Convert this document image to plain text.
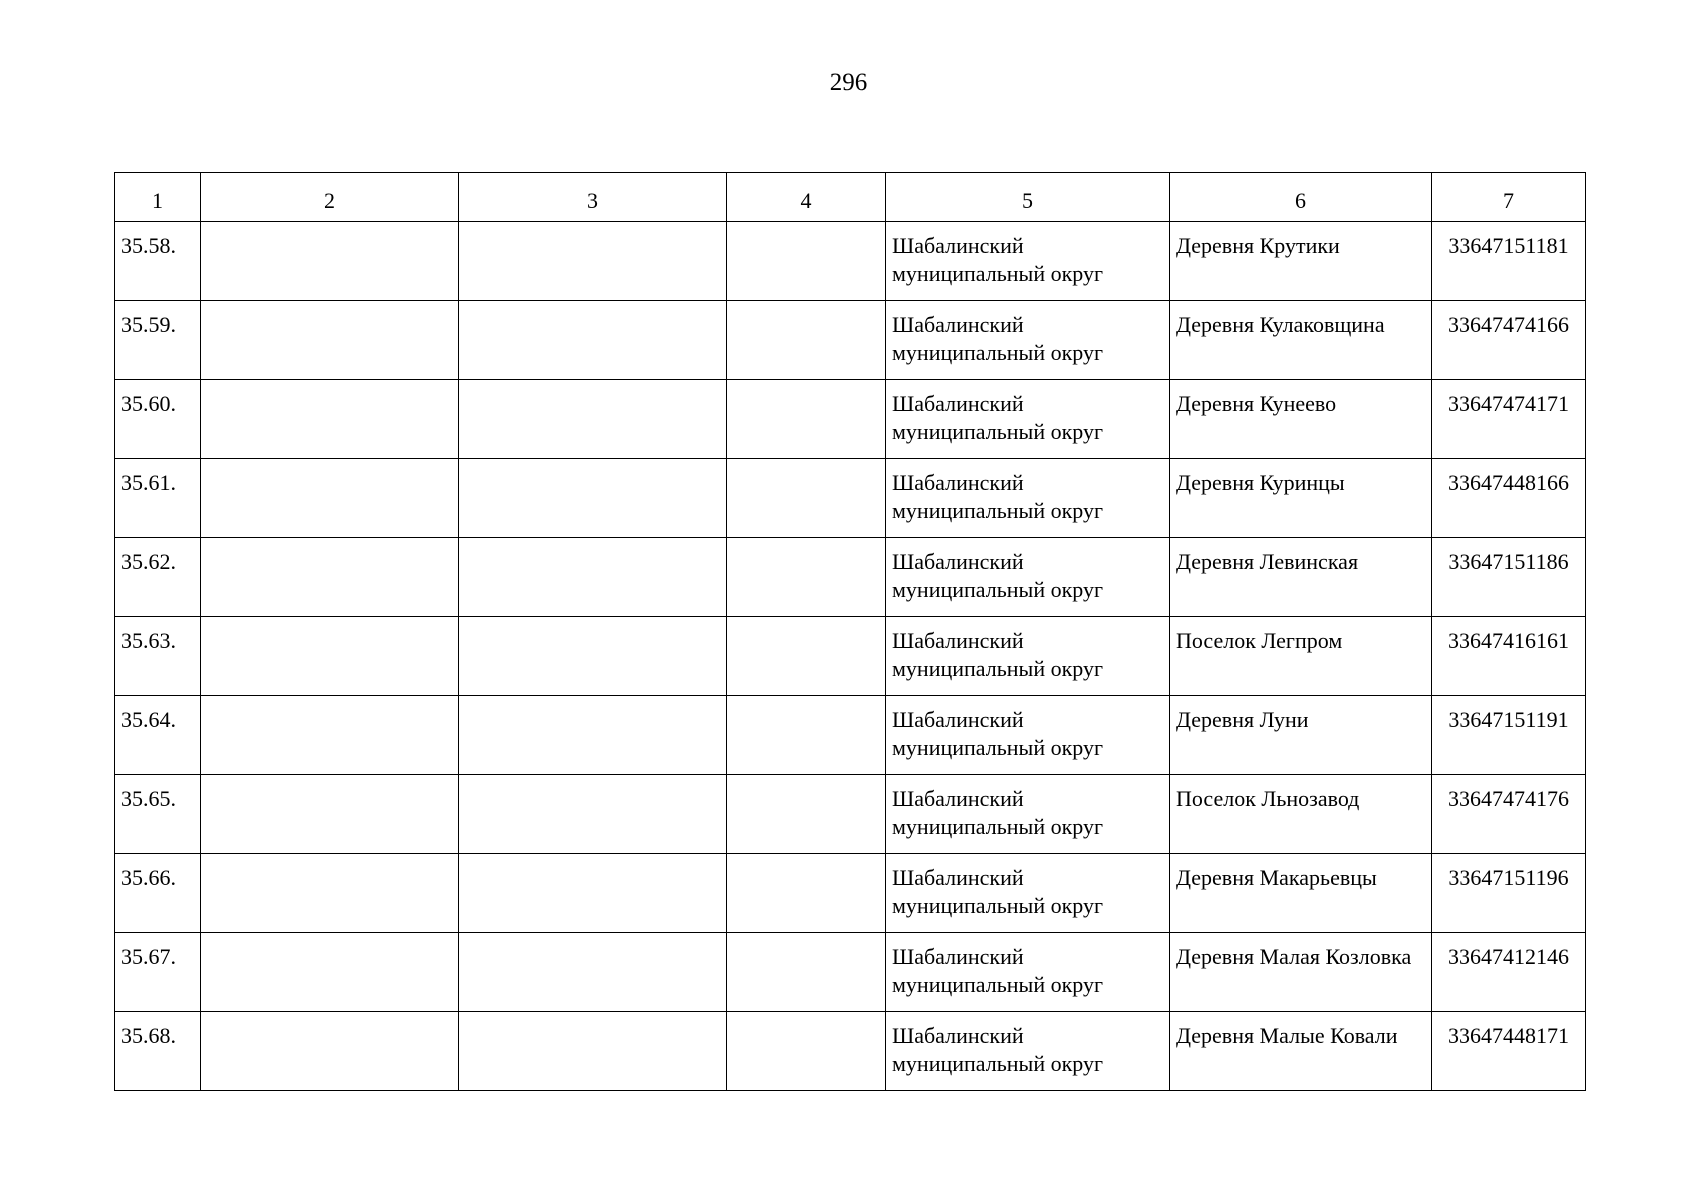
296
1	2	3	4	5	6	7
35.58.				Шабалинский муниципальный округ	Деревня Крутики	33647151181
35.59.				Шабалинский муниципальный округ	Деревня Кулаковщина	33647474166
35.60.				Шабалинский муниципальный округ	Деревня Кунеево	33647474171
35.61.				Шабалинский муниципальный округ	Деревня Куринцы	33647448166
35.62.				Шабалинский муниципальный округ	Деревня Левинская	33647151186
35.63.				Шабалинский муниципальный округ	Поселок Легпром	33647416161
35.64.				Шабалинский муниципальный округ	Деревня Луни	33647151191
35.65.				Шабалинский муниципальный округ	Поселок Льнозавод	33647474176
35.66.				Шабалинский муниципальный округ	Деревня Макарьевцы	33647151196
35.67.				Шабалинский муниципальный округ	Деревня Малая Козловка	33647412146
35.68.				Шабалинский муниципальный округ	Деревня Малые Ковали	33647448171
